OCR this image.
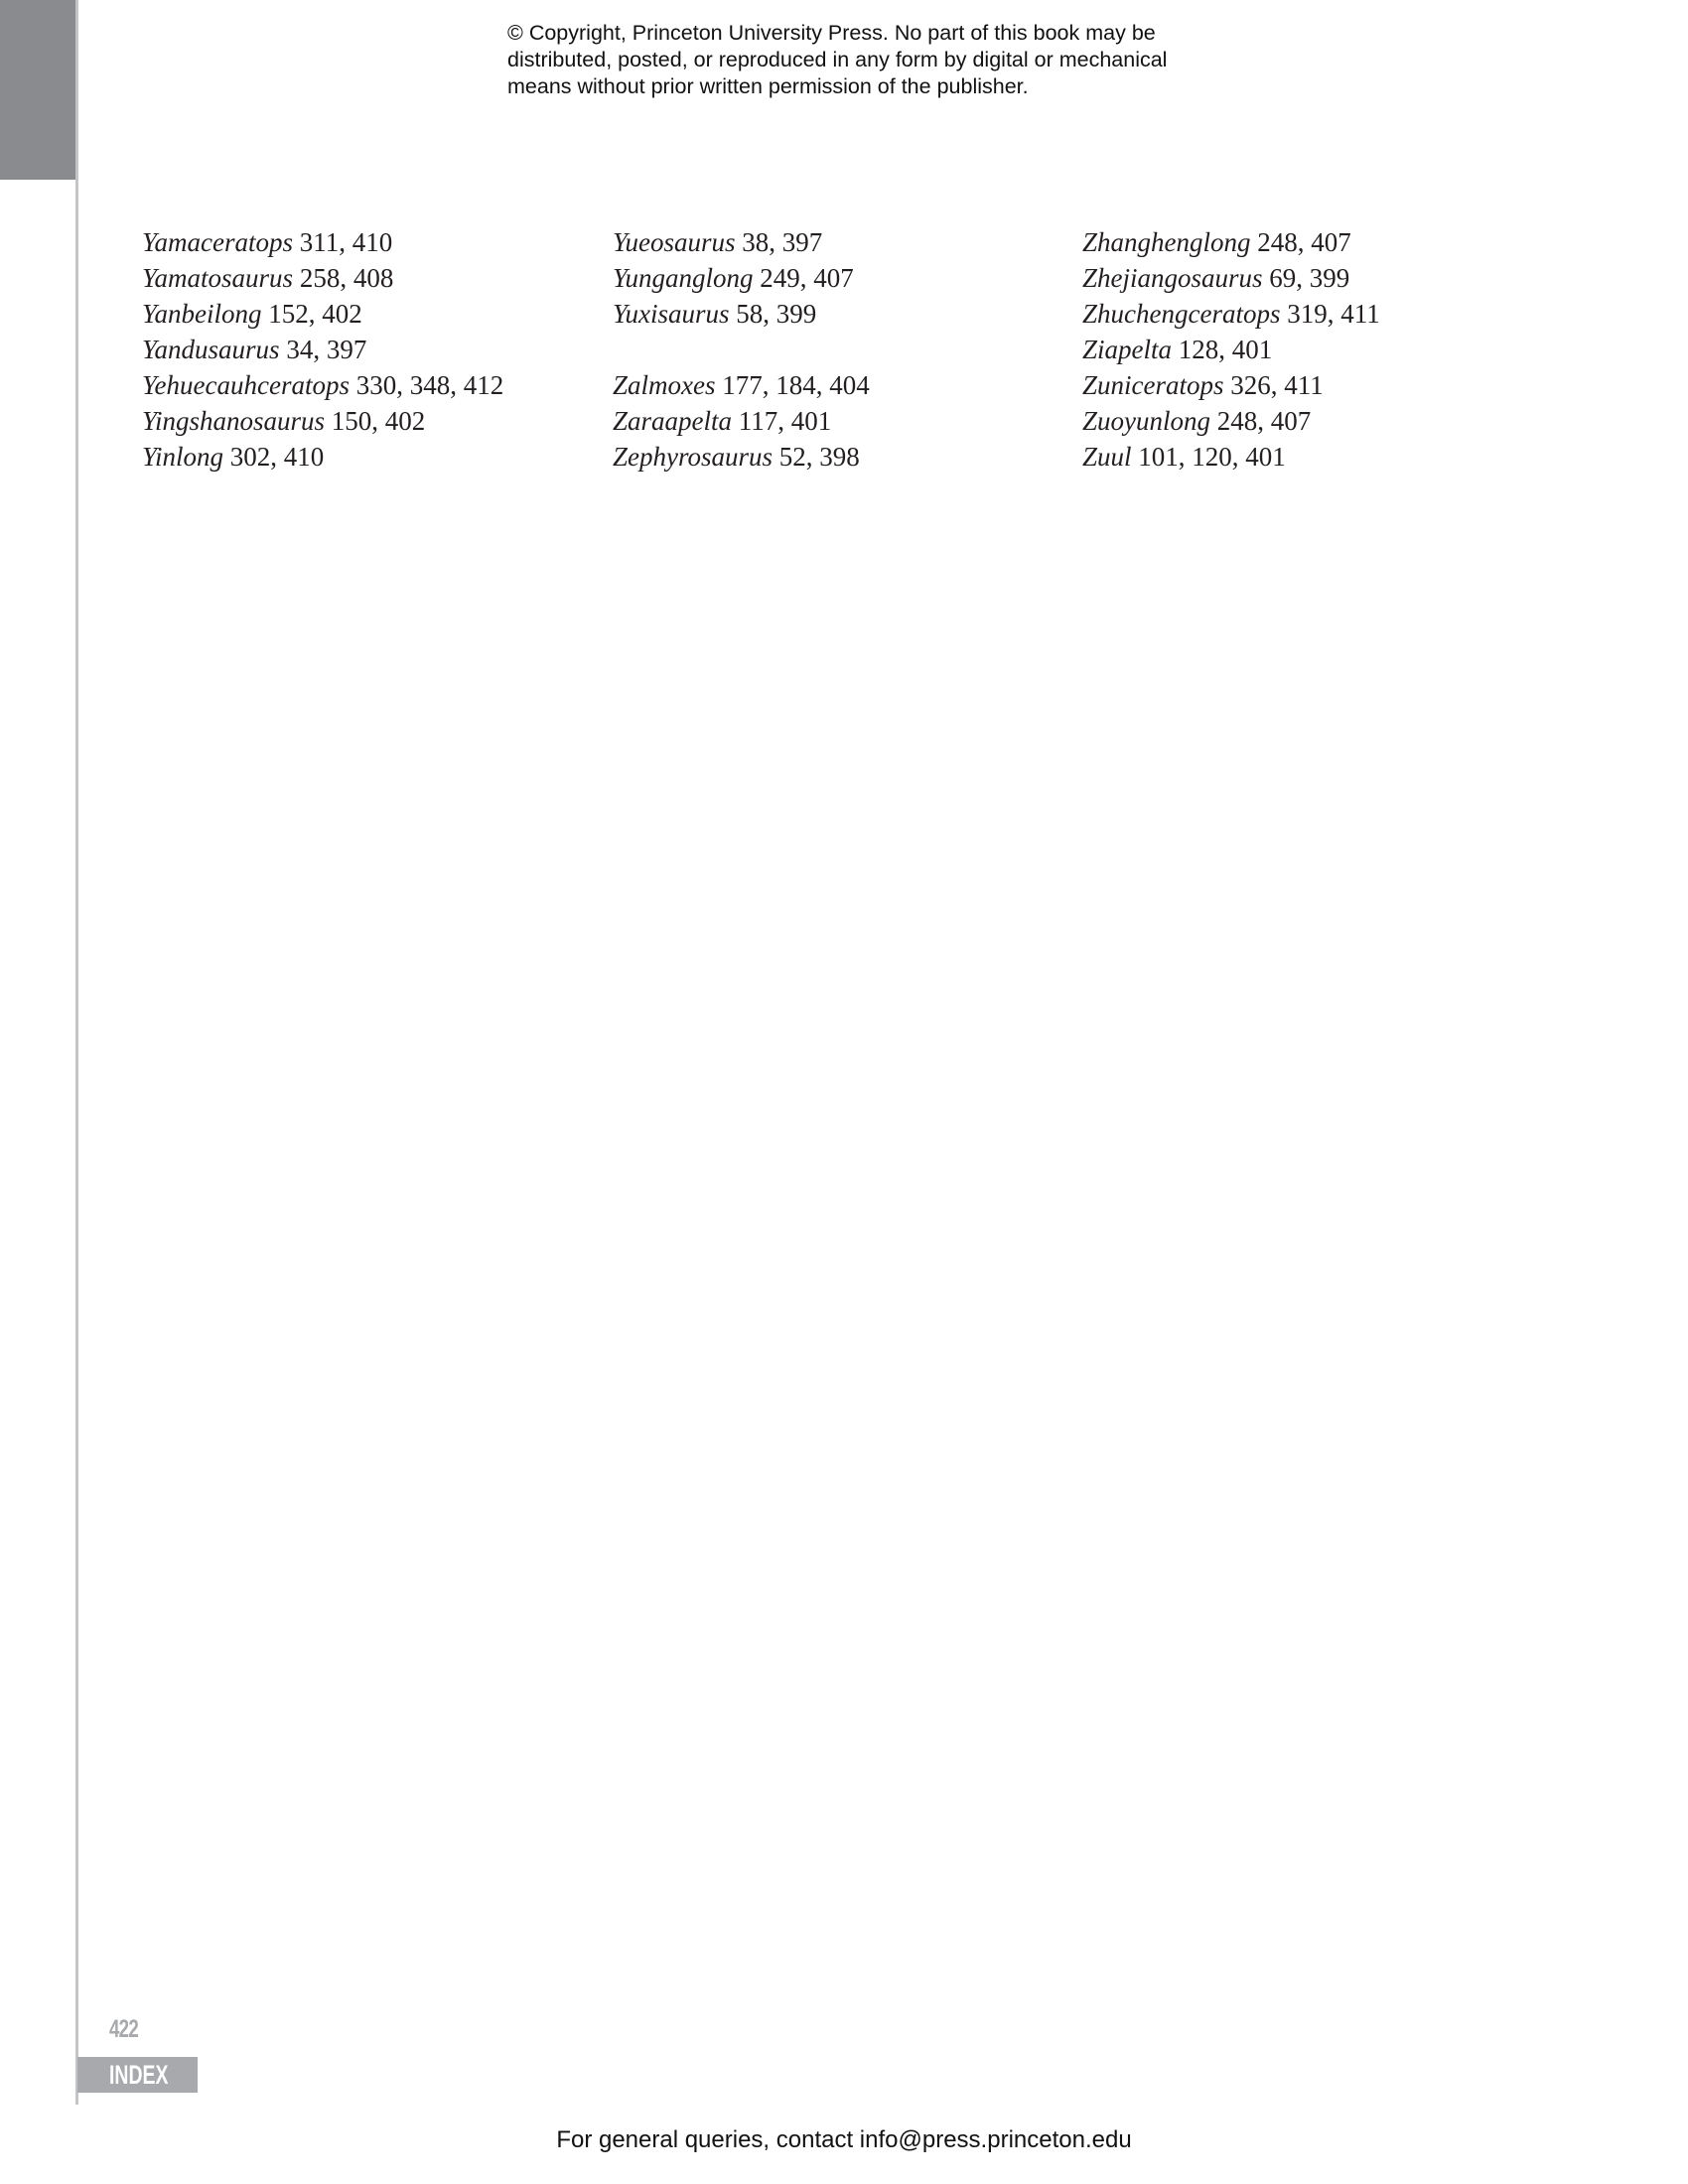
© Copyright, Princeton University Press. No part of this book may be
distributed, posted, or reproduced in any form by digital or mechanical
means without prior written permission of the publisher.
Yamaceratops 311, 410
Yamatosaurus 258, 408
Yanbeilong 152, 402
Yandusaurus 34, 397
Yehuecauhceratops 330, 348, 412
Yingshanosaurus 150, 402
Yinlong 302, 410
Yueosaurus 38, 397
Yunganglong 249, 407
Yuxisaurus 58, 399
Zalmoxes 177, 184, 404
Zaraapelta 117, 401
Zephyrosaurus 52, 398
Zhanghenglong 248, 407
Zhejiangosaurus 69, 399
Zhuchengceratops 319, 411
Ziapelta 128, 401
Zuniceratops 326, 411
Zuoyunlong 248, 407
Zuul 101, 120, 401
422
INDEX
For general queries, contact info@press.princeton.edu
